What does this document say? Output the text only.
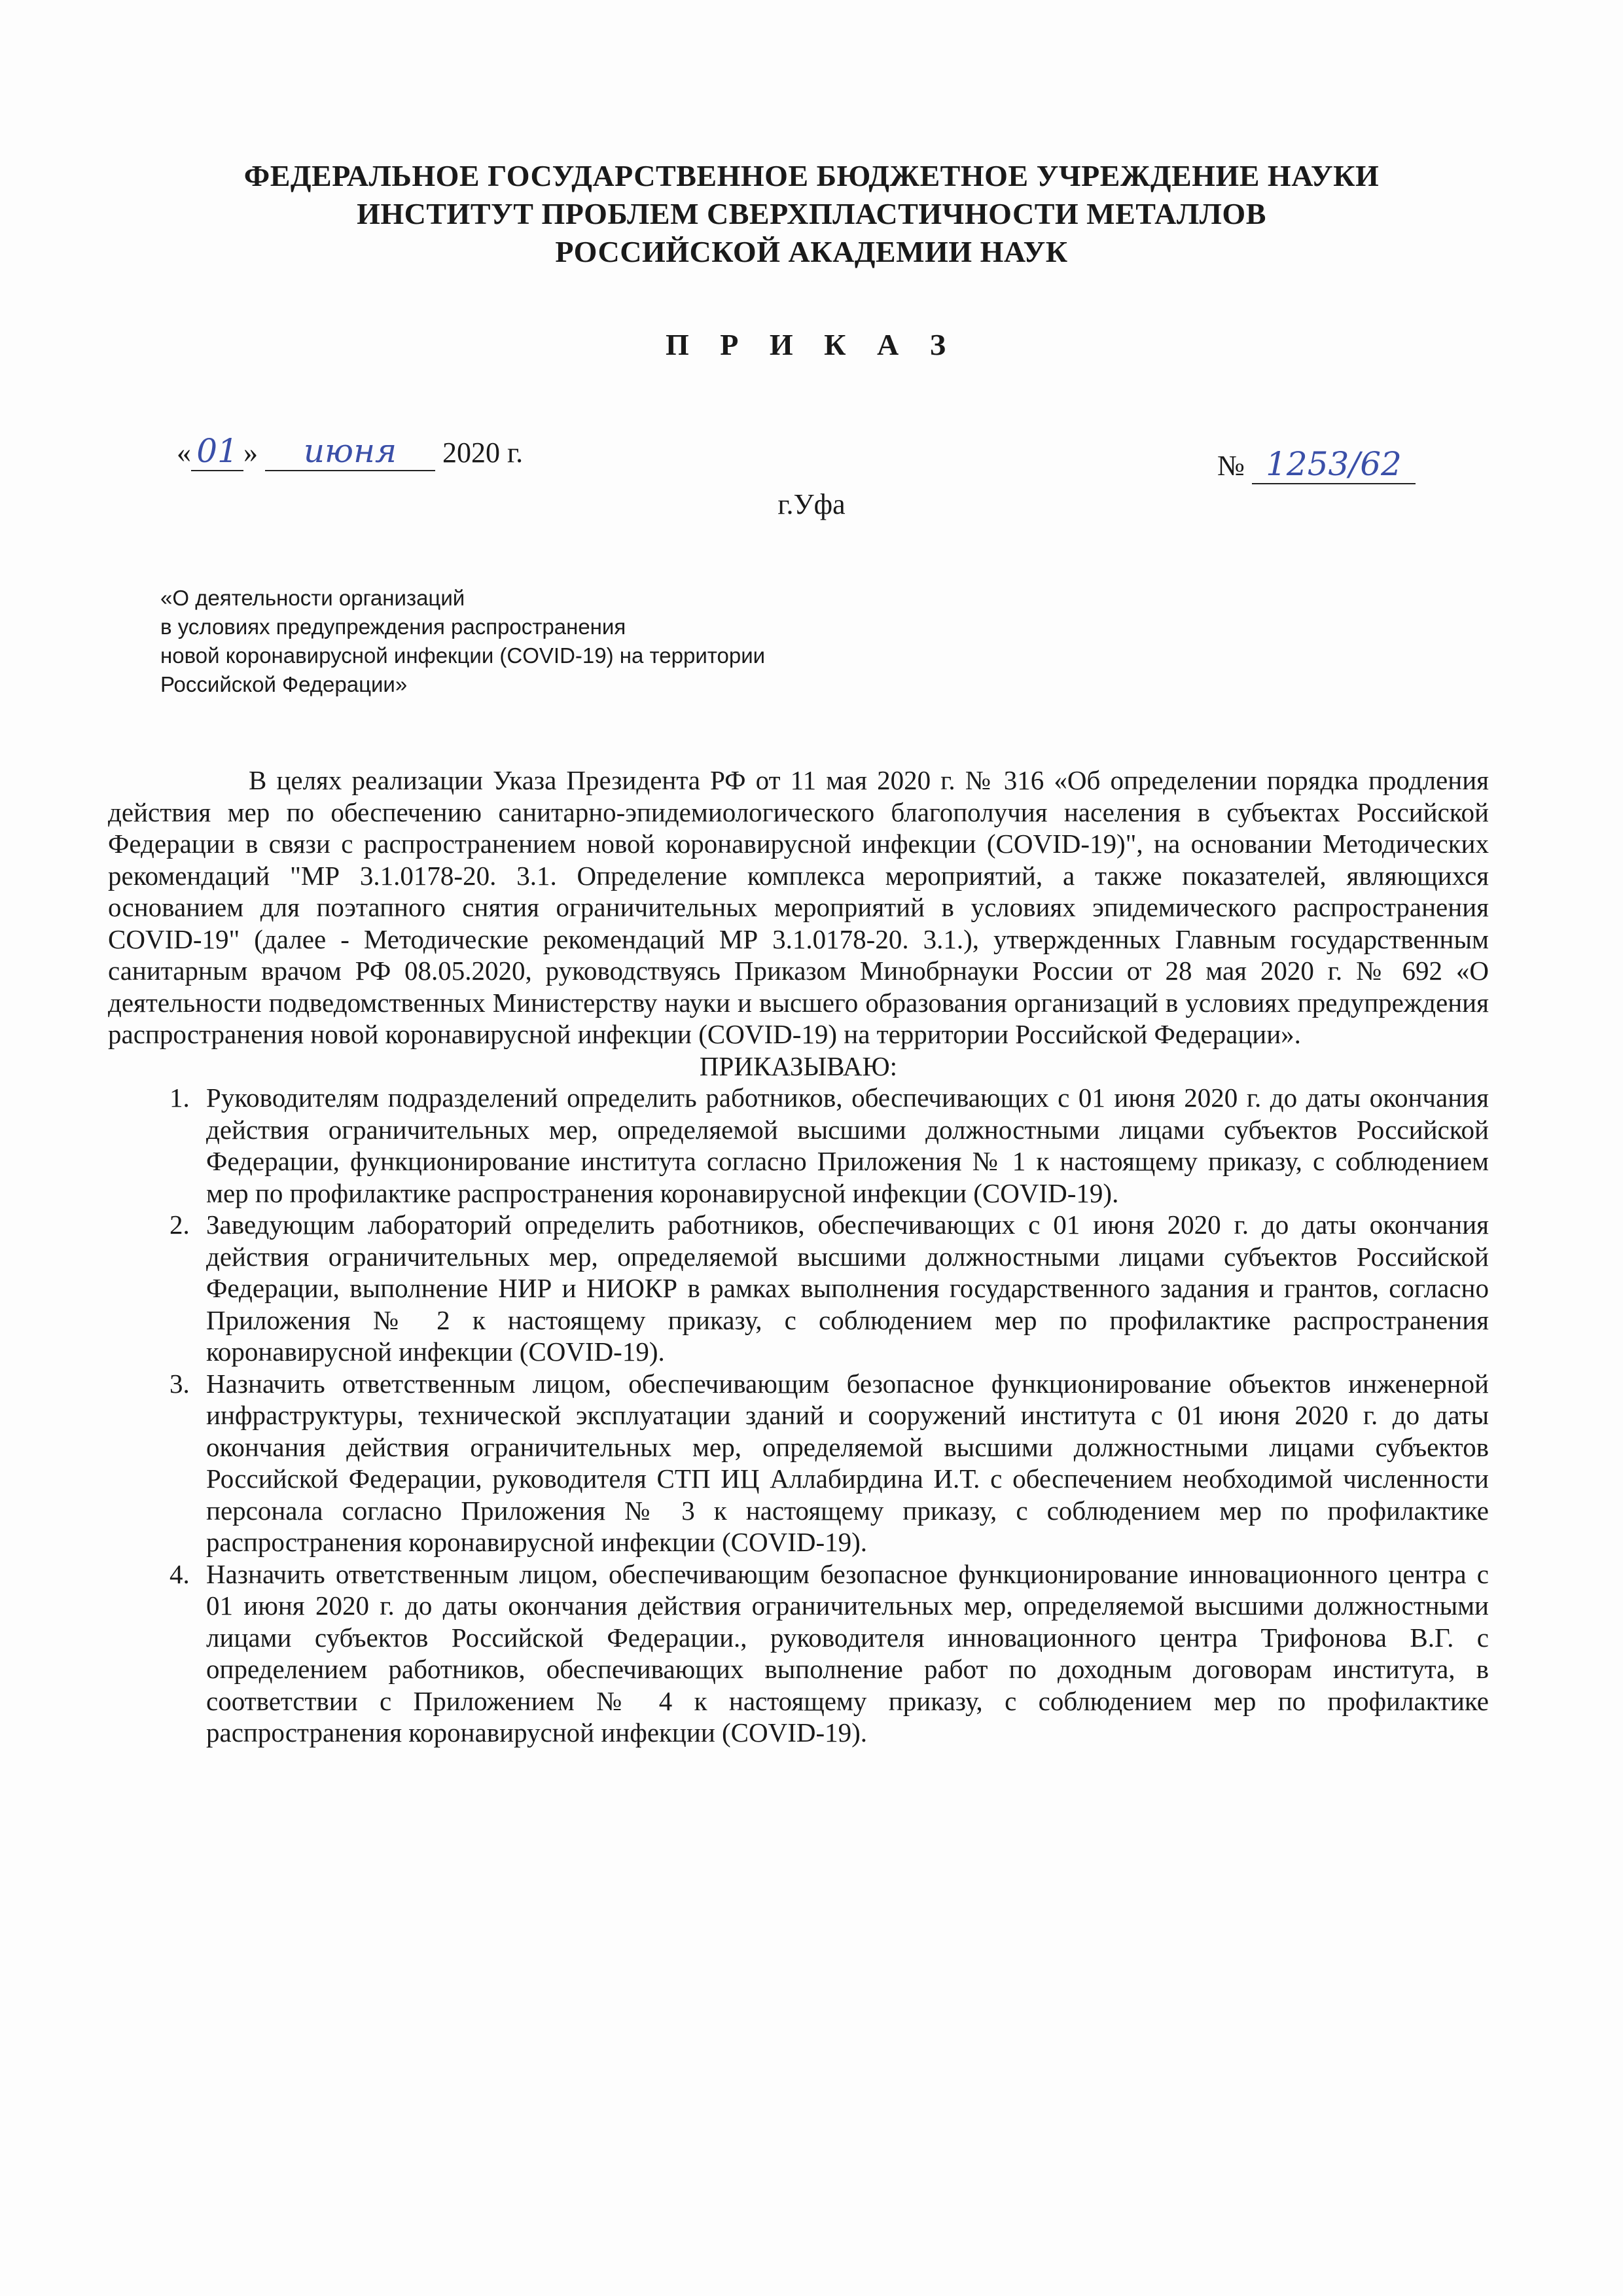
ФЕДЕРАЛЬНОЕ ГОСУДАРСТВЕННОЕ БЮДЖЕТНОЕ УЧРЕЖДЕНИЕ НАУКИ
ИНСТИТУТ ПРОБЛЕМ СВЕРХПЛАСТИЧНОСТИ МЕТАЛЛОВ
РОССИЙСКОЙ АКАДЕМИИ НАУК
П Р И К А З
« 01 » июня 2020 г.	№ 1253/62
г.Уфа
«О деятельности организаций
в условиях предупреждения распространения
новой коронавирусной инфекции (COVID-19) на территории
Российской Федерации»

В целях реализации Указа Президента РФ от 11 мая 2020 г. № 316 «Об определении порядка продления действия мер по обеспечению санитарно-эпидемиологического благополучия населения в субъектах Российской Федерации в связи с распространением новой коронавирусной инфекции (COVID-19)", на основании Методических рекомендаций "МР 3.1.0178-20. 3.1. Определение комплекса мероприятий, а также показателей, являющихся основанием для поэтапного снятия ограничительных мероприятий в условиях эпидемического распространения COVID-19" (далее - Методические рекомендаций МР 3.1.0178-20. 3.1.), утвержденных Главным государственным санитарным врачом РФ 08.05.2020, руководствуясь Приказом Минобрнауки России от 28 мая 2020 г. № 692 «О деятельности подведомственных Министерству науки и высшего образования организаций в условиях предупреждения распространения новой коронавирусной инфекции (COVID-19) на территории Российской Федерации».

ПРИКАЗЫВАЮ:

1. Руководителям подразделений определить работников, обеспечивающих с 01 июня 2020 г. до даты окончания действия ограничительных мер, определяемой высшими должностными лицами субъектов Российской Федерации, функционирование института согласно Приложения № 1 к настоящему приказу, с соблюдением мер по профилактике распространения коронавирусной инфекции (COVID-19).
2. Заведующим лабораторий определить работников, обеспечивающих с 01 июня 2020 г. до даты окончания действия ограничительных мер, определяемой высшими должностными лицами субъектов Российской Федерации, выполнение НИР и НИОКР в рамках выполнения государственного задания и грантов, согласно Приложения № 2 к настоящему приказу, с соблюдением мер по профилактике распространения коронавирусной инфекции (COVID-19).
3. Назначить ответственным лицом, обеспечивающим безопасное функционирование объектов инженерной инфраструктуры, технической эксплуатации зданий и сооружений института с 01 июня 2020 г. до даты окончания действия ограничительных мер, определяемой высшими должностными лицами субъектов Российской Федерации, руководителя СТП ИЦ Аллабирдина И.Т. с обеспечением необходимой численности персонала согласно Приложения № 3 к настоящему приказу, с соблюдением мер по профилактике распространения коронавирусной инфекции (COVID-19).
4. Назначить ответственным лицом, обеспечивающим безопасное функционирование инновационного центра с 01 июня 2020 г. до даты окончания действия ограничительных мер, определяемой высшими должностными лицами субъектов Российской Федерации., руководителя инновационного центра Трифонова В.Г. с определением работников, обеспечивающих выполнение работ по доходным договорам института, в соответствии с Приложением № 4 к настоящему приказу, с соблюдением мер по профилактике распространения коронавирусной инфекции (COVID-19).
